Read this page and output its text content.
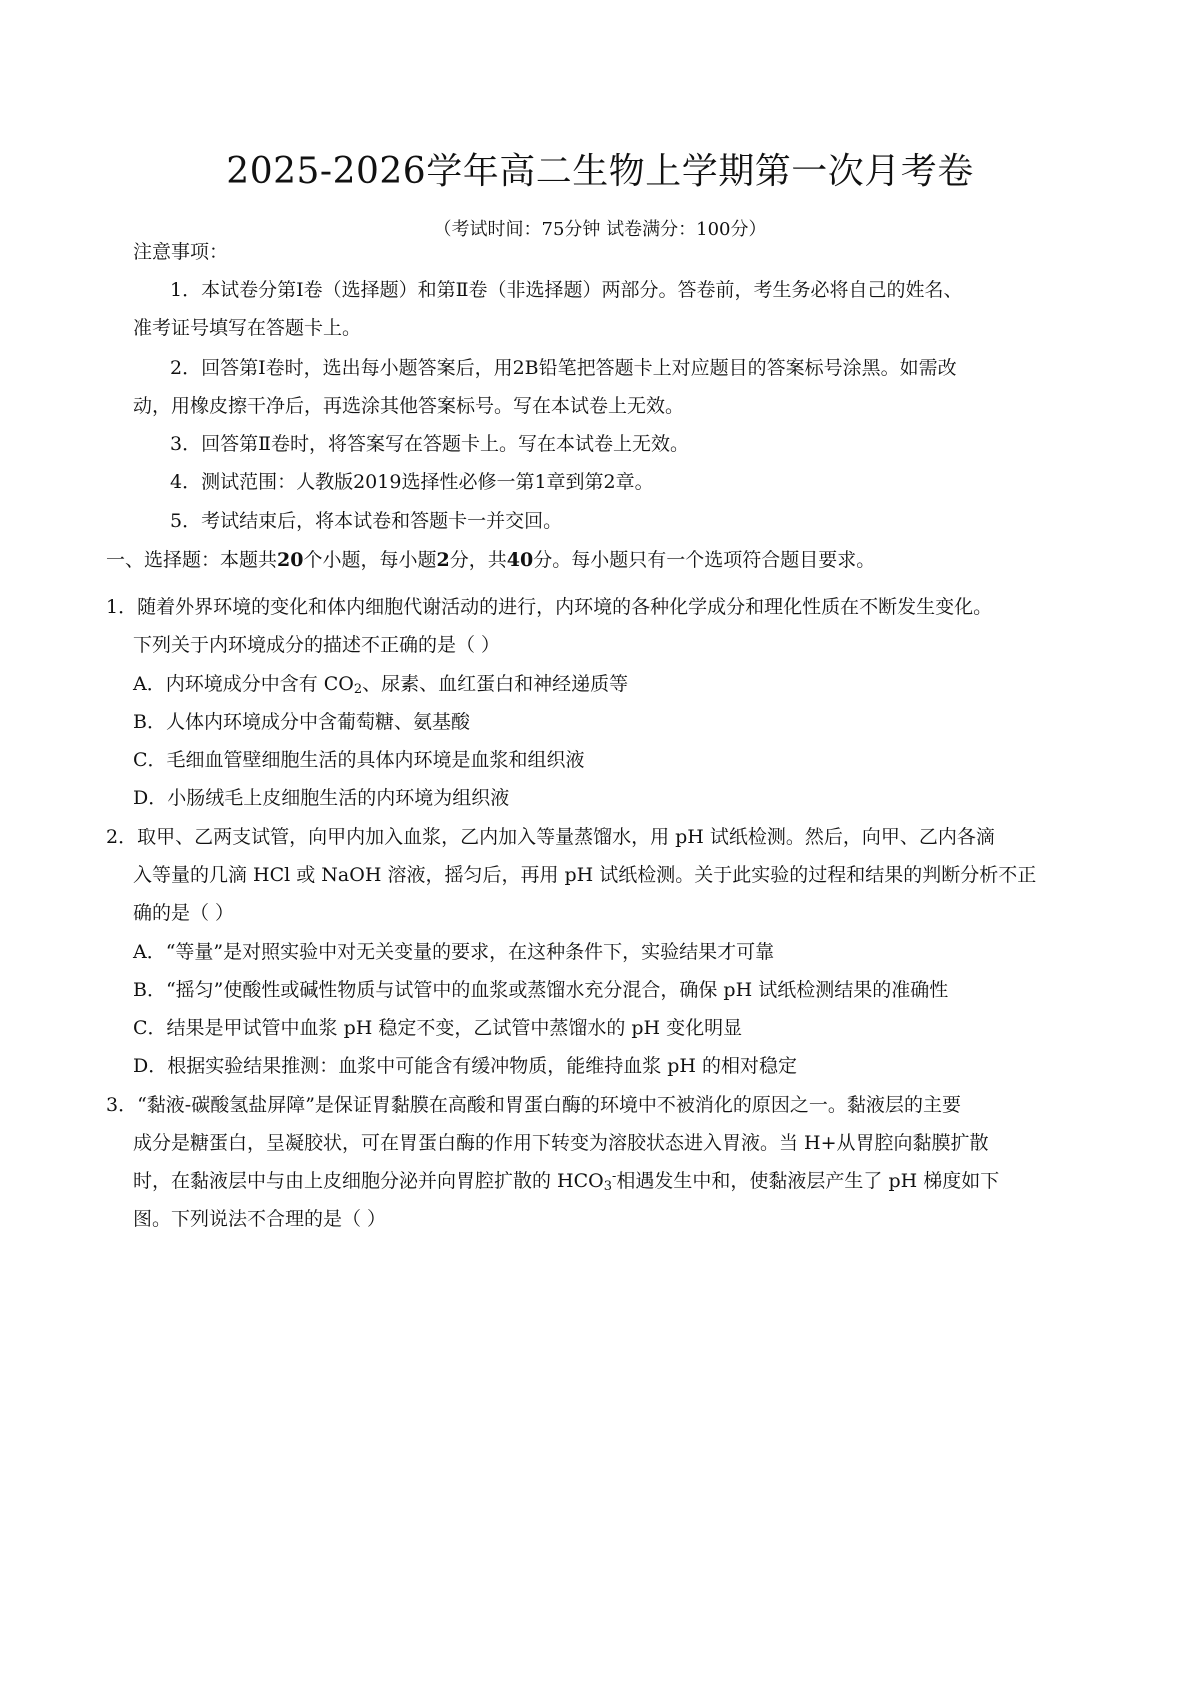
2025-2026学年高二生物上学期第一次月考卷
（考试时间：75分钟 试卷满分：100分）
注意事项：
1．本试卷分第Ⅰ卷（选择题）和第Ⅱ卷（非选择题）两部分。答卷前，考生务必将自己的姓名、
准考证号填写在答题卡上。
2．回答第Ⅰ卷时，选出每小题答案后，用2B铅笔把答题卡上对应题目的答案标号涂黑。如需改
动，用橡皮擦干净后，再选涂其他答案标号。写在本试卷上无效。
3．回答第Ⅱ卷时，将答案写在答题卡上。写在本试卷上无效。
4．测试范围：人教版2019选择性必修一第1章到第2章。
5．考试结束后，将本试卷和答题卡一并交回。
一、选择题：本题共20个小题，每小题2分，共40分。每小题只有一个选项符合题目要求。
1．随着外界环境的变化和体内细胞代谢活动的进行，内环境的各种化学成分和理化性质在不断发生变化。
下列关于内环境成分的描述不正确的是（ ）
A．内环境成分中含有 $CO_2$、尿素、血红蛋白和神经递质等
B．人体内环境成分中含葡萄糖、氨基酸
C．毛细血管壁细胞生活的具体内环境是血浆和组织液
D．小肠绒毛上皮细胞生活的内环境为组织液
2．取甲、乙两支试管，向甲内加入血浆，乙内加入等量蒸馏水，用 pH 试纸检测。然后，向甲、乙内各滴
入等量的几滴 HCl 或 NaOH 溶液，摇匀后，再用 pH 试纸检测。关于此实验的过程和结果的判断分析不正
确的是（ ）
A．“等量”是对照实验中对无关变量的要求，在这种条件下，实验结果才可靠
B．“摇匀”使酸性或碱性物质与试管中的血浆或蒸馏水充分混合，确保 pH 试纸检测结果的准确性
C．结果是甲试管中血浆 pH 稳定不变，乙试管中蒸馏水的 pH 变化明显
D．根据实验结果推测：血浆中可能含有缓冲物质，能维持血浆 pH 的相对稳定
3．“黏液-碳酸氢盐屏障”是保证胃黏膜在高酸和胃蛋白酶的环境中不被消化的原因之一。黏液层的主要
成分是糖蛋白，呈凝胶状，可在胃蛋白酶的作用下转变为溶胶状态进入胃液。当 H+从胃腔向黏膜扩散
时，在黏液层中与由上皮细胞分泌并向胃腔扩散的 $HCO_3^-$相遇发生中和，使黏液层产生了 pH 梯度如下
图。下列说法不合理的是（ ）
